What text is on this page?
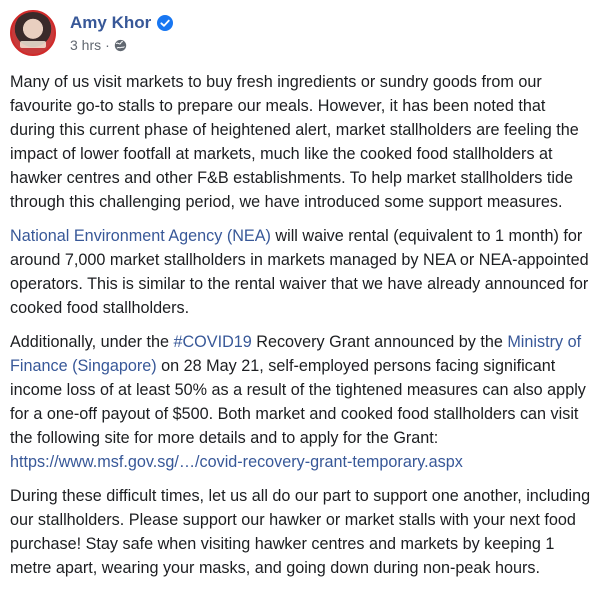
Amy Khor
3 hrs ·

Many of us visit markets to buy fresh ingredients or sundry goods from our favourite go-to stalls to prepare our meals. However, it has been noted that during this current phase of heightened alert, market stallholders are feeling the impact of lower footfall at markets, much like the cooked food stallholders at hawker centres and other F&B establishments. To help market stallholders tide through this challenging period, we have introduced some support measures.

National Environment Agency (NEA) will waive rental (equivalent to 1 month) for around 7,000 market stallholders in markets managed by NEA or NEA-appointed operators. This is similar to the rental waiver that we have already announced for cooked food stallholders.

Additionally, under the #COVID19 Recovery Grant announced by the Ministry of Finance (Singapore) on 28 May 21, self-employed persons facing significant income loss of at least 50% as a result of the tightened measures can also apply for a one-off payout of $500. Both market and cooked food stallholders can visit the following site for more details and to apply for the Grant: https://www.msf.gov.sg/…/covid-recovery-grant-temporary.aspx

During these difficult times, let us all do our part to support one another, including our stallholders. Please support our hawker or market stalls with your next food purchase! Stay safe when visiting hawker centres and markets by keeping 1 metre apart, wearing your masks, and going down during non-peak hours.
